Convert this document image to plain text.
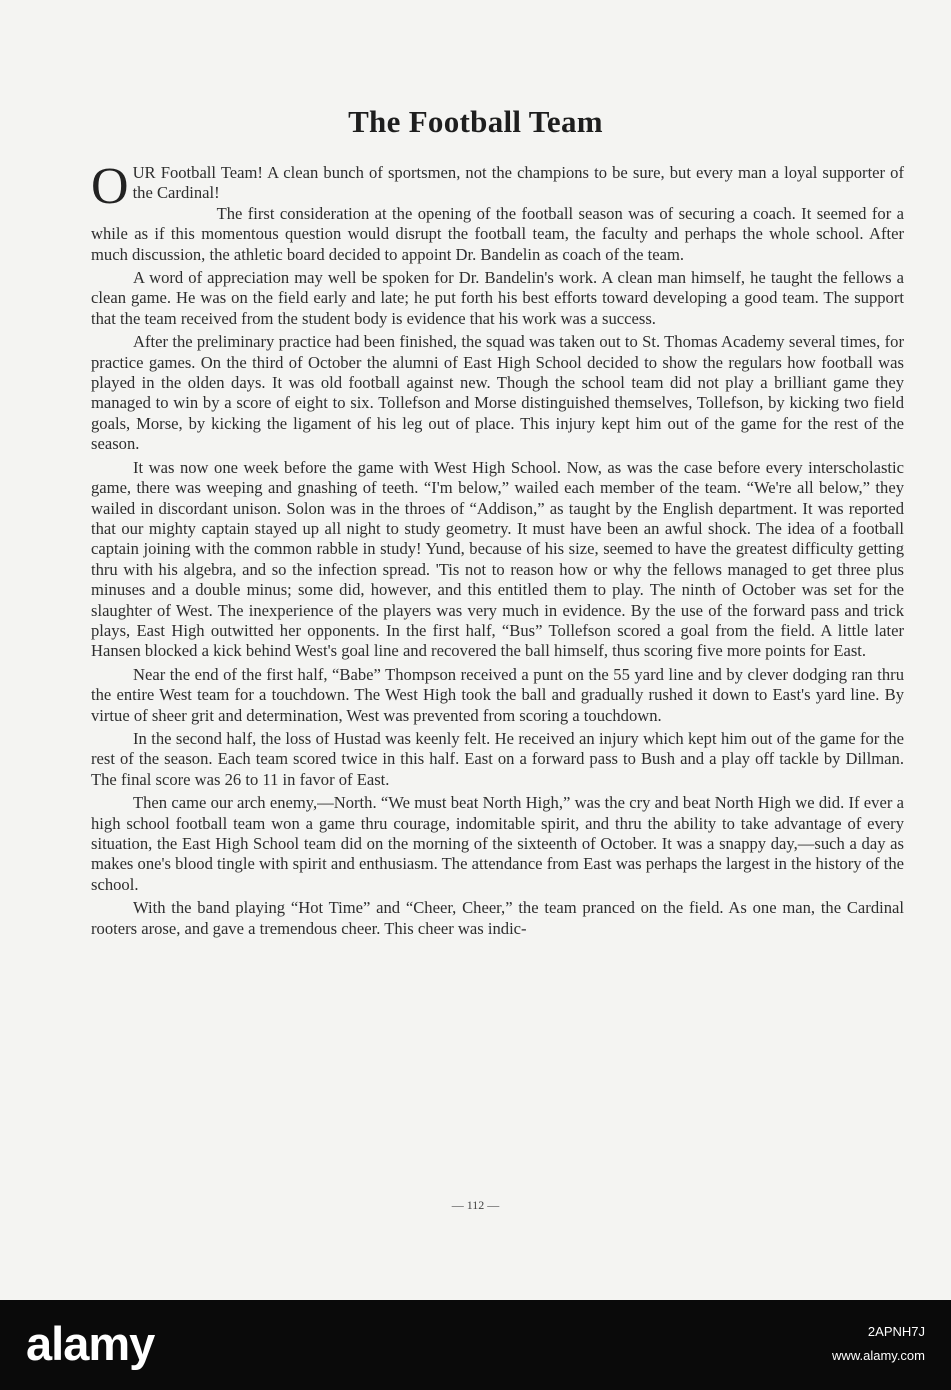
The Football Team

OUR Football Team! A clean bunch of sportsmen, not the champions to be sure, but every man a loyal supporter of the Cardinal!

The first consideration at the opening of the football season was of securing a coach. It seemed for a while as if this momentous question would disrupt the football team, the faculty and perhaps the whole school. After much discussion, the athletic board decided to appoint Dr. Bandelin as coach of the team.

A word of appreciation may well be spoken for Dr. Bandelin's work. A clean man himself, he taught the fellows a clean game. He was on the field early and late; he put forth his best efforts toward developing a good team. The support that the team received from the student body is evidence that his work was a success.

After the preliminary practice had been finished, the squad was taken out to St. Thomas Academy several times, for practice games. On the third of October the alumni of East High School decided to show the regulars how football was played in the olden days. It was old football against new. Though the school team did not play a brilliant game they managed to win by a score of eight to six. Tollefson and Morse distinguished themselves, Tollefson, by kicking two field goals, Morse, by kicking the ligament of his leg out of place. This injury kept him out of the game for the rest of the season.

It was now one week before the game with West High School. Now, as was the case before every interscholastic game, there was weeping and gnashing of teeth. “I'm below,” wailed each member of the team. “We're all below,” they wailed in discordant unison. Solon was in the throes of “Addison,” as taught by the English department. It was reported that our mighty captain stayed up all night to study geometry. It must have been an awful shock. The idea of a football captain joining with the common rabble in study! Yund, because of his size, seemed to have the greatest difficulty getting thru with his algebra, and so the infection spread. 'Tis not to reason how or why the fellows managed to get three plus minuses and a double minus; some did, however, and this entitled them to play. The ninth of October was set for the slaughter of West. The inexperience of the players was very much in evidence. By the use of the forward pass and trick plays, East High outwitted her opponents. In the first half, “Bus” Tollefson scored a goal from the field. A little later Hansen blocked a kick behind West's goal line and recovered the ball himself, thus scoring five more points for East.

Near the end of the first half, “Babe” Thompson received a punt on the 55 yard line and by clever dodging ran thru the entire West team for a touchdown. The West High took the ball and gradually rushed it down to East's yard line. By virtue of sheer grit and determination, West was prevented from scoring a touchdown.

In the second half, the loss of Hustad was keenly felt. He received an injury which kept him out of the game for the rest of the season. Each team scored twice in this half. East on a forward pass to Bush and a play off tackle by Dillman. The final score was 26 to 11 in favor of East.

Then came our arch enemy,—North. “We must beat North High,” was the cry and beat North High we did. If ever a high school football team won a game thru courage, indomitable spirit, and thru the ability to take advantage of every situation, the East High School team did on the morning of the sixteenth of October. It was a snappy day,—such a day as makes one's blood tingle with spirit and enthusiasm. The attendance from East was perhaps the largest in the history of the school.

With the band playing “Hot Time” and “Cheer, Cheer,” the team pranced on the field. As one man, the Cardinal rooters arose, and gave a tremendous cheer. This cheer was indic-

— 112 —
alamy	2APNH7J
www.alamy.com
